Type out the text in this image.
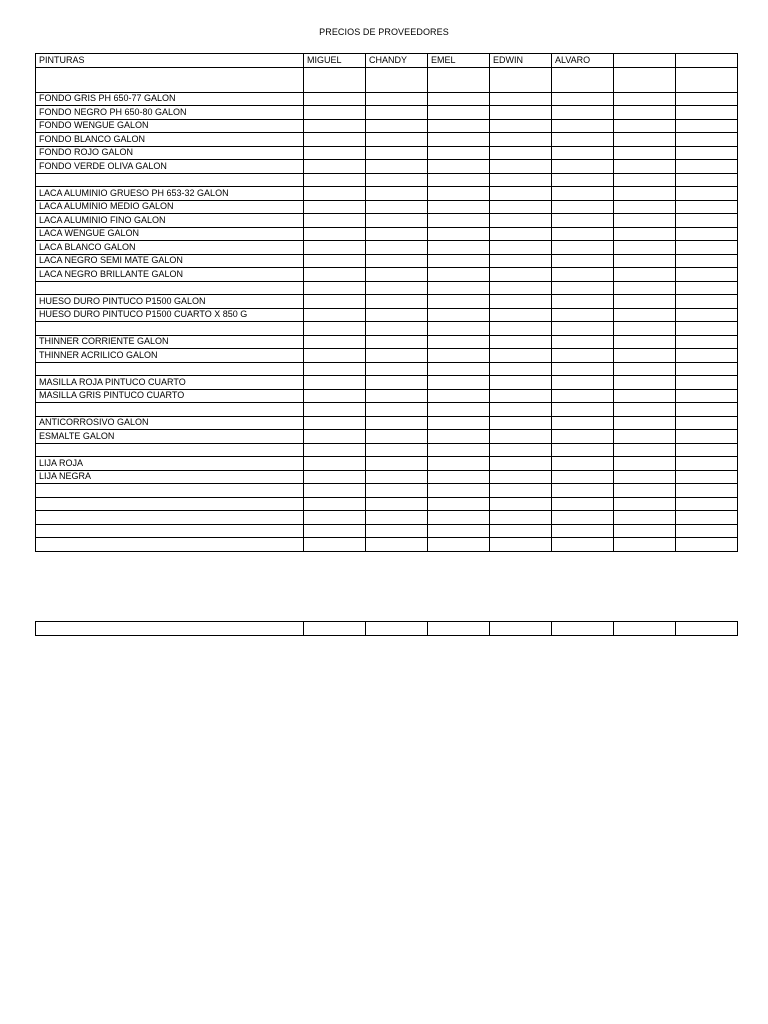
PRECIOS DE PROVEEDORES
PINTURAS	MIGUEL	CHANDY	EMEL	EDWIN	ALVARO		

FONDO GRIS PH 650-77 GALON							
FONDO NEGRO PH 650-80 GALON							
FONDO WENGUE GALON							
FONDO BLANCO GALON							
FONDO ROJO GALON							
FONDO VERDE OLIVA GALON							

LACA ALUMINIO GRUESO PH 653-32 GALON							
LACA ALUMINIO MEDIO GALON							
LACA ALUMINIO FINO GALON							
LACA WENGUE GALON							
LACA BLANCO GALON							
LACA NEGRO SEMI MATE GALON							
LACA NEGRO BRILLANTE GALON							

HUESO DURO PINTUCO P1500 GALON							
HUESO DURO PINTUCO P1500 CUARTO X 850 G							

THINNER CORRIENTE GALON							
THINNER ACRILICO GALON							

MASILLA ROJA PINTUCO CUARTO							
MASILLA GRIS PINTUCO CUARTO							

ANTICORROSIVO GALON							
ESMALTE GALON							

LIJA ROJA							
LIJA NEGRA							
